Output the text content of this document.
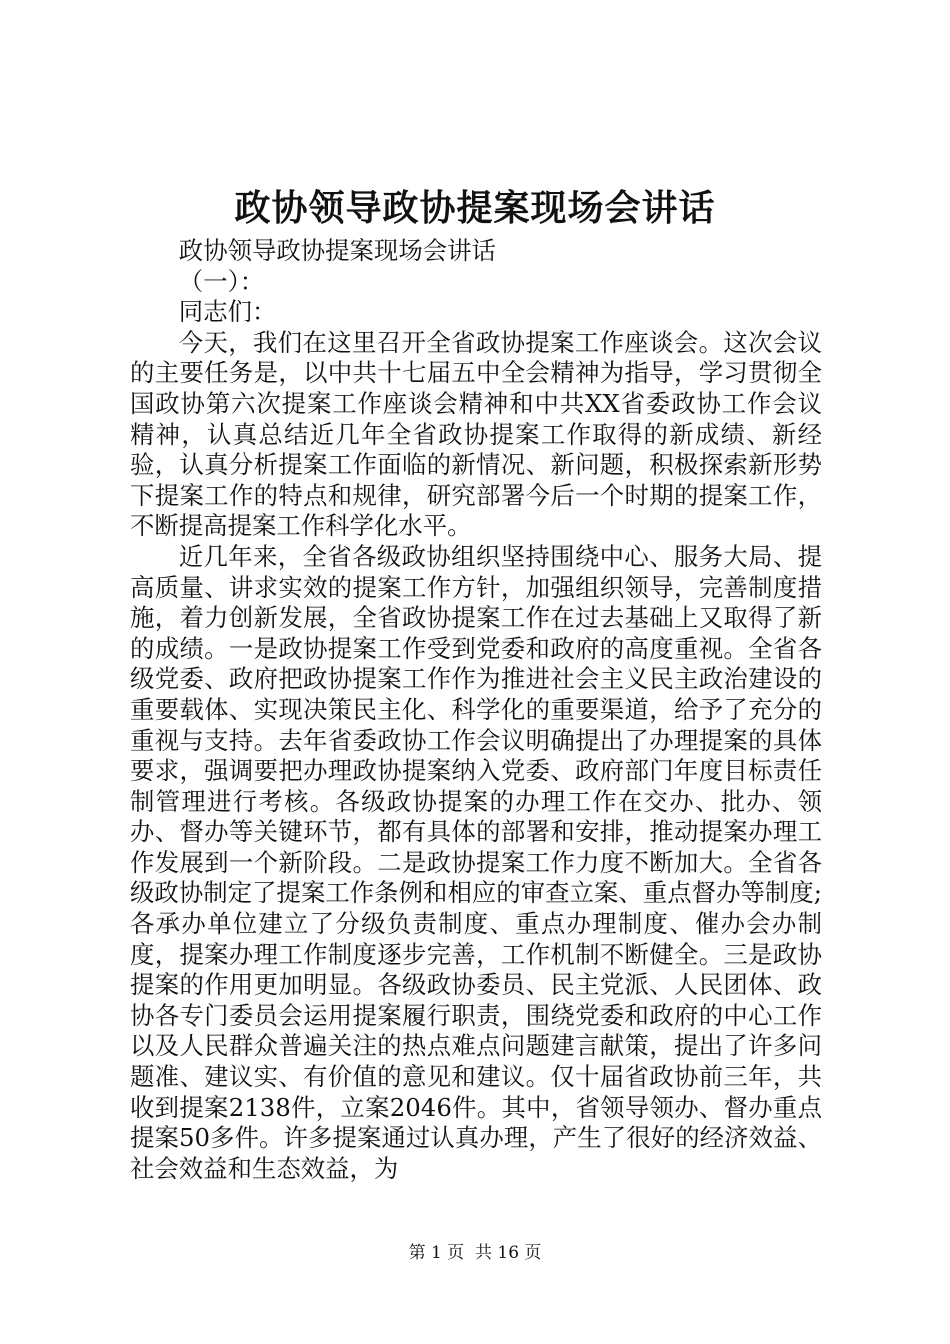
政协领导政协提案现场会讲话

政协领导政协提案现场会讲话

（一）：

同志们：

今天，我们在这里召开全省政协提案工作座谈会。这次会议的主要任务是，以中共十七届五中全会精神为指导，学习贯彻全国政协第六次提案工作座谈会精神和中共XX省委政协工作会议精神，认真总结近几年全省政协提案工作取得的新成绩、新经验，认真分析提案工作面临的新情况、新问题，积极探索新形势下提案工作的特点和规律，研究部署今后一个时期的提案工作，不断提高提案工作科学化水平。

近几年来，全省各级政协组织坚持围绕中心、服务大局、提高质量、讲求实效的提案工作方针，加强组织领导，完善制度措施，着力创新发展，全省政协提案工作在过去基础上又取得了新的成绩。一是政协提案工作受到党委和政府的高度重视。全省各级党委、政府把政协提案工作作为推进社会主义民主政治建设的重要载体、实现决策民主化、科学化的重要渠道，给予了充分的重视与支持。去年省委政协工作会议明确提出了办理提案的具体要求，强调要把办理政协提案纳入党委、政府部门年度目标责任制管理进行考核。各级政协提案的办理工作在交办、批办、领办、督办等关键环节，都有具体的部署和安排，推动提案办理工作发展到一个新阶段。二是政协提案工作力度不断加大。全省各级政协制定了提案工作条例和相应的审查立案、重点督办等制度;各承办单位建立了分级负责制度、重点办理制度、催办会办制度，提案办理工作制度逐步完善，工作机制不断健全。三是政协提案的作用更加明显。各级政协委员、民主党派、人民团体、政协各专门委员会运用提案履行职责，围绕党委和政府的中心工作以及人民群众普遍关注的热点难点问题建言献策，提出了许多问题准、建议实、有价值的意见和建议。仅十届省政协前三年，共收到提案2138件，立案2046件。其中，省领导领办、督办重点提案50多件。许多提案通过认真办理，产生了很好的经济效益、社会效益和生态效益，为

第 1 页  共 16 页
